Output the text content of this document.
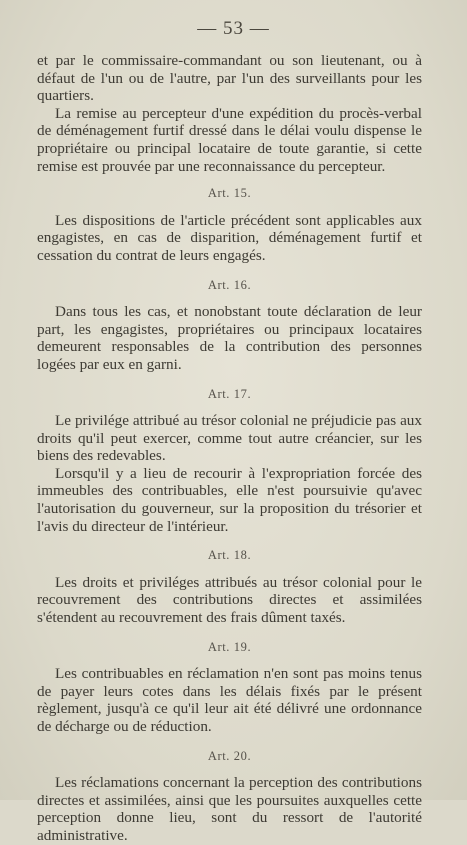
— 53 —

et par le commissaire-commandant ou son lieutenant, ou à défaut de l'un ou de l'autre, par l'un des surveillants pour les quartiers.

La remise au percepteur d'une expédition du procès-verbal de déménagement furtif dressé dans le délai voulu dispense le propriétaire ou principal locataire de toute garantie, si cette remise est prouvée par une reconnaissance du percepteur.

Art. 15.

Les dispositions de l'article précédent sont applicables aux engagistes, en cas de disparition, déménagement furtif et cessation du contrat de leurs engagés.

Art. 16.

Dans tous les cas, et nonobstant toute déclaration de leur part, les engagistes, propriétaires ou principaux locataires demeurent responsables de la contribution des personnes logées par eux en garni.

Art. 17.

Le privilége attribué au trésor colonial ne préjudicie pas aux droits qu'il peut exercer, comme tout autre créancier, sur les biens des redevables.

Lorsqu'il y a lieu de recourir à l'expropriation forcée des immeubles des contribuables, elle n'est poursuivie qu'avec l'autorisation du gouverneur, sur la proposition du trésorier et l'avis du directeur de l'intérieur.

Art. 18.

Les droits et priviléges attribués au trésor colonial pour le recouvrement des contributions directes et assimilées s'étendent au recouvrement des frais dûment taxés.

Art. 19.

Les contribuables en réclamation n'en sont pas moins tenus de payer leurs cotes dans les délais fixés par le présent règlement, jusqu'à ce qu'il leur ait été délivré une ordonnance de décharge ou de réduction.

Art. 20.

Les réclamations concernant la perception des contributions directes et assimilées, ainsi que les poursuites auxquelles cette perception donne lieu, sont du ressort de l'autorité administrative.
